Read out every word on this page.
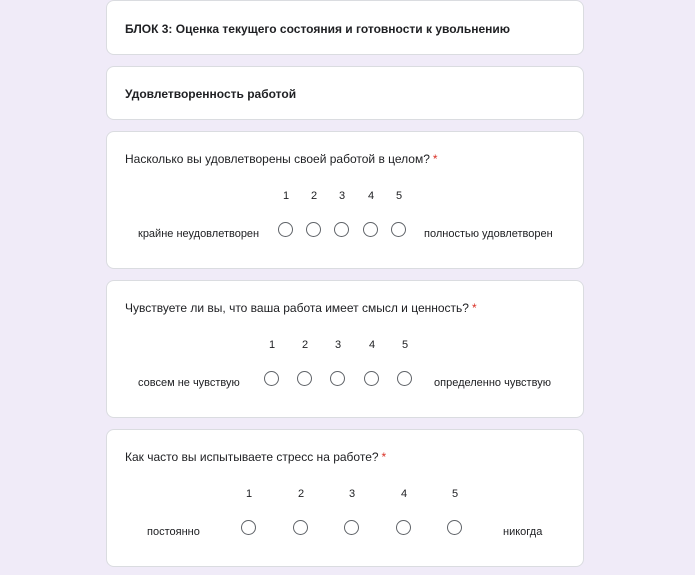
БЛОК 3: Оценка текущего состояния и готовности к увольнению
Удовлетворенность работой
Насколько вы удовлетворены своей работой в целом? *
крайне неудовлетворен
1	2	3	4	5
полностью удовлетворен
Чувствуете ли вы, что ваша работа имеет смысл и ценность? *
совсем не чувствую
1	2	3	4	5
определенно чувствую
Как часто вы испытываете стресс на работе? *
постоянно
1	2	3	4	5
никогда
